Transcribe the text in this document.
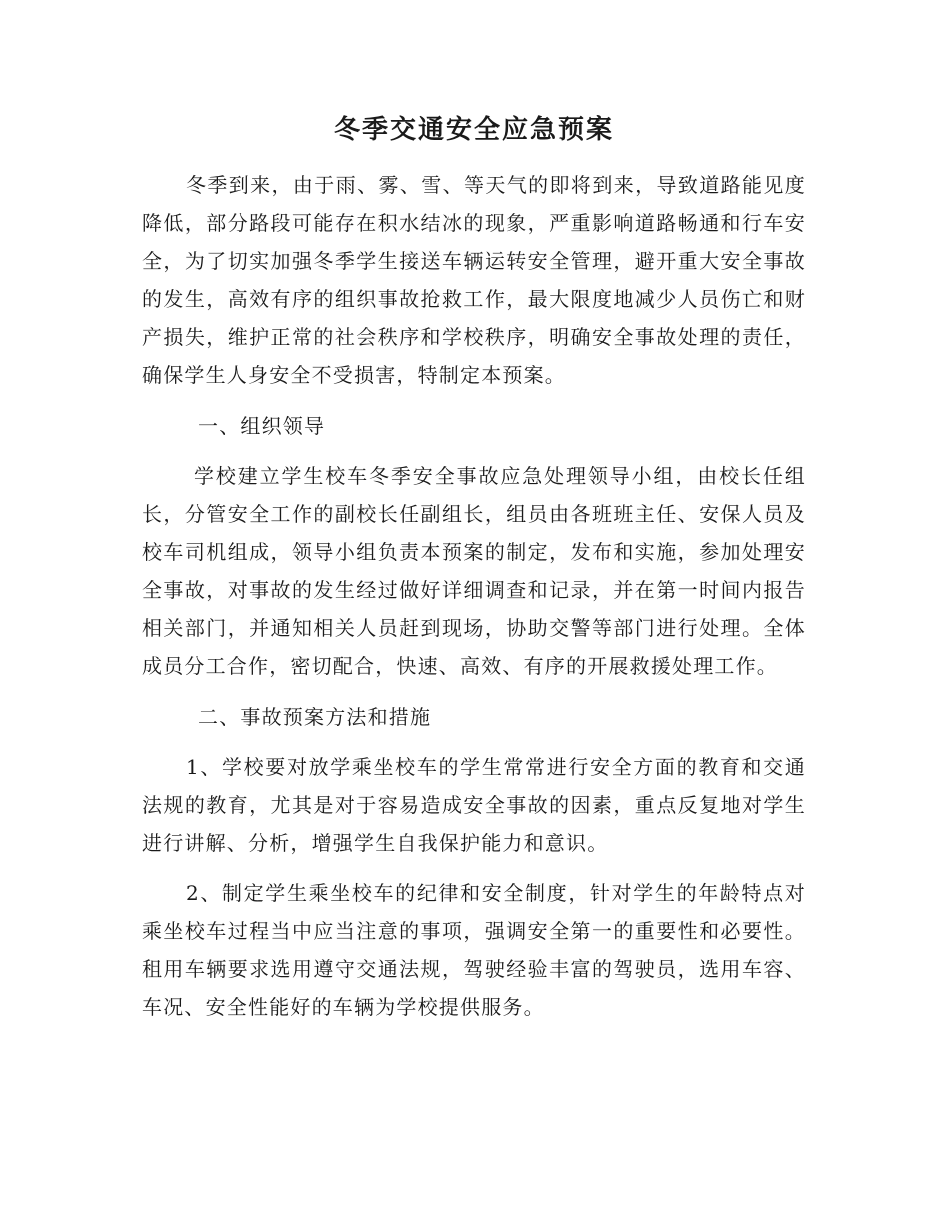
冬季交通安全应急预案

冬季到来，由于雨、雾、雪、等天气的即将到来，导致道路能见度降低，部分路段可能存在积水结冰的现象，严重影响道路畅通和行车安全，为了切实加强冬季学生接送车辆运转安全管理，避开重大安全事故的发生，高效有序的组织事故抢救工作，最大限度地减少人员伤亡和财产损失，维护正常的社会秩序和学校秩序，明确安全事故处理的责任，确保学生人身安全不受损害，特制定本预案。

一、组织领导

学校建立学生校车冬季安全事故应急处理领导小组，由校长任组长，分管安全工作的副校长任副组长，组员由各班班主任、安保人员及校车司机组成，领导小组负责本预案的制定，发布和实施，参加处理安全事故，对事故的发生经过做好详细调查和记录，并在第一时间内报告相关部门，并通知相关人员赶到现场，协助交警等部门进行处理。全体成员分工合作，密切配合，快速、高效、有序的开展救援处理工作。

二、事故预案方法和措施

1、学校要对放学乘坐校车的学生常常进行安全方面的教育和交通法规的教育，尤其是对于容易造成安全事故的因素，重点反复地对学生进行讲解、分析，增强学生自我保护能力和意识。

2、制定学生乘坐校车的纪律和安全制度，针对学生的年龄特点对乘坐校车过程当中应当注意的事项，强调安全第一的重要性和必要性。租用车辆要求选用遵守交通法规，驾驶经验丰富的驾驶员，选用车容、车况、安全性能好的车辆为学校提供服务。
